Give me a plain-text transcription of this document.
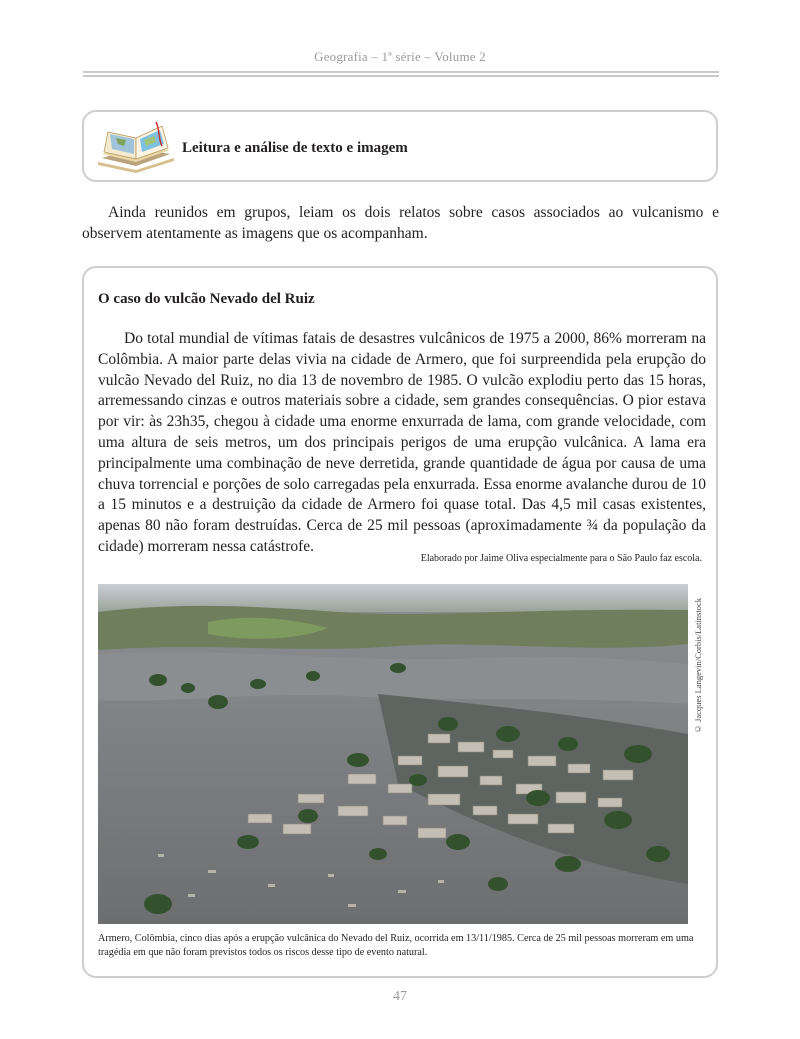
Geografia – 1ª série – Volume 2
Leitura e análise de texto e imagem

Ainda reunidos em grupos, leiam os dois relatos sobre casos associados ao vulcanismo e observem atentamente as imagens que os acompanham.

O caso do vulcão Nevado del Ruiz

Do total mundial de vítimas fatais de desastres vulcânicos de 1975 a 2000, 86% morreram na Colômbia. A maior parte delas vivia na cidade de Armero, que foi surpreendida pela erupção do vulcão Nevado del Ruiz, no dia 13 de novembro de 1985. O vulcão explodiu perto das 15 horas, arremessando cinzas e outros materiais sobre a cidade, sem grandes consequências. O pior estava por vir: às 23h35, chegou à cidade uma enorme enxurrada de lama, com grande velocidade, com uma altura de seis metros, um dos principais perigos de uma erupção vulcânica. A lama era principalmente uma combinação de neve derretida, grande quantidade de água por causa de uma chuva torrencial e porções de solo carregadas pela enxurrada. Essa enorme avalanche durou de 10 a 15 minutos e a destruição da cidade de Armero foi quase total. Das 4,5 mil casas existentes, apenas 80 não foram destruídas. Cerca de 25 mil pessoas (aproximadamente ¾ da população da cidade) morreram nessa catástrofe.

Elaborado por Jaime Oliva especialmente para o São Paulo faz escola.
© Jacques Langevin/Corbis/Latinstock
Armero, Colômbia, cinco dias após a erupção vulcânica do Nevado del Ruiz, ocorrida em 13/11/1985. Cerca de 25 mil pessoas morreram em uma tragédia em que não foram previstos todos os riscos desse tipo de evento natural.
47
